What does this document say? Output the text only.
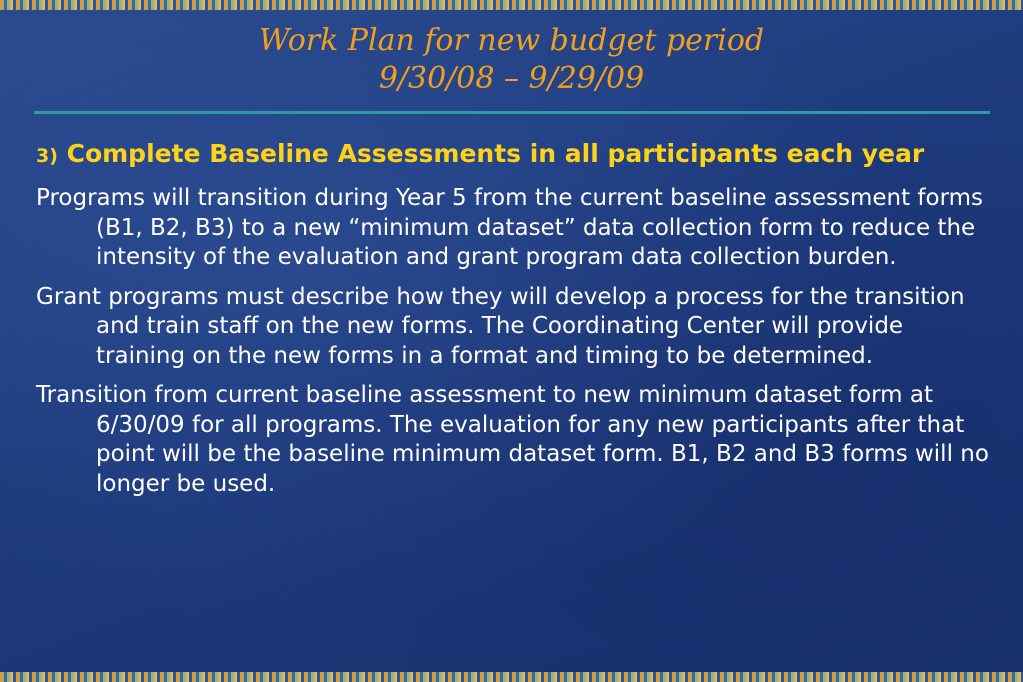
Work Plan for new budget period
9/30/08 – 9/29/09
3) Complete Baseline Assessments in all participants each year
Programs will transition during Year 5 from the current baseline assessment forms (B1, B2, B3) to a new “minimum dataset” data collection form to reduce the intensity of the evaluation and grant program data collection burden.
Grant programs must describe how they will develop a process for the transition and train staff on the new forms. The Coordinating Center will provide training on the new forms in a format and timing to be determined.
Transition from current baseline assessment to new minimum dataset form at 6/30/09 for all programs. The evaluation for any new participants after that point will be the baseline minimum dataset form. B1, B2 and B3 forms will no longer be used.
